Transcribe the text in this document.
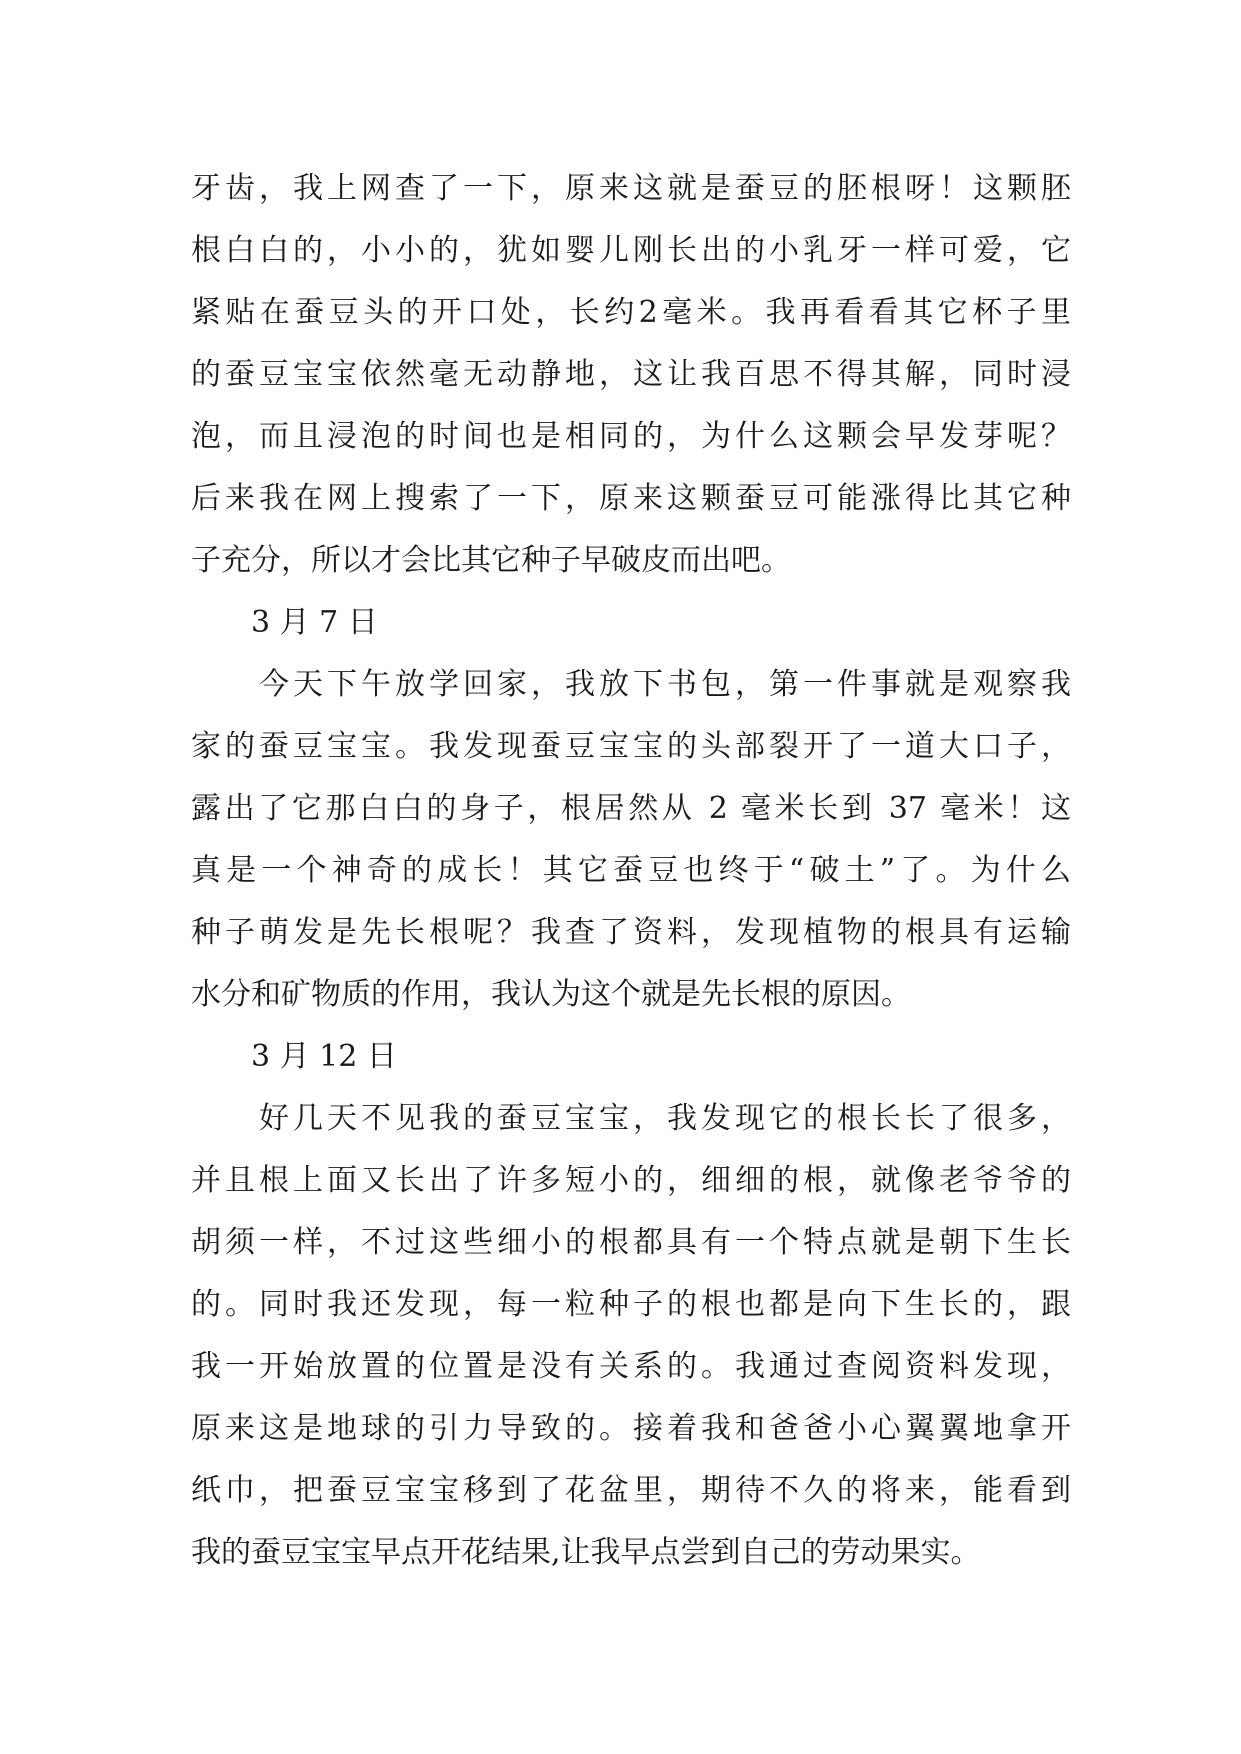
牙齿，我上网查了一下，原来这就是蚕豆的胚根呀！这颗胚
根白白的，小小的，犹如婴儿刚长出的小乳牙一样可爱，它
紧贴在蚕豆头的开口处，长约2毫米。我再看看其它杯子里
的蚕豆宝宝依然毫无动静地，这让我百思不得其解，同时浸
泡，而且浸泡的时间也是相同的，为什么这颗会早发芽呢？
后来我在网上搜索了一下，原来这颗蚕豆可能涨得比其它种
子充分，所以才会比其它种子早破皮而出吧。
3 月 7 日
　　今天下午放学回家，我放下书包，第一件事就是观察我
家的蚕豆宝宝。我发现蚕豆宝宝的头部裂开了一道大口子，
露出了它那白白的身子，根居然从 2 毫米长到 37 毫米！这
真是一个神奇的成长！其它蚕豆也终于“破土”了。为什么
种子萌发是先长根呢？我查了资料，发现植物的根具有运输
水分和矿物质的作用，我认为这个就是先长根的原因。
3 月 12 日
　　好几天不见我的蚕豆宝宝，我发现它的根长长了很多，
并且根上面又长出了许多短小的，细细的根，就像老爷爷的
胡须一样，不过这些细小的根都具有一个特点就是朝下生长
的。同时我还发现，每一粒种子的根也都是向下生长的，跟
我一开始放置的位置是没有关系的。我通过查阅资料发现，
原来这是地球的引力导致的。接着我和爸爸小心翼翼地拿开
纸巾，把蚕豆宝宝移到了花盆里，期待不久的将来，能看到
我的蚕豆宝宝早点开花结果,让我早点尝到自己的劳动果实。
